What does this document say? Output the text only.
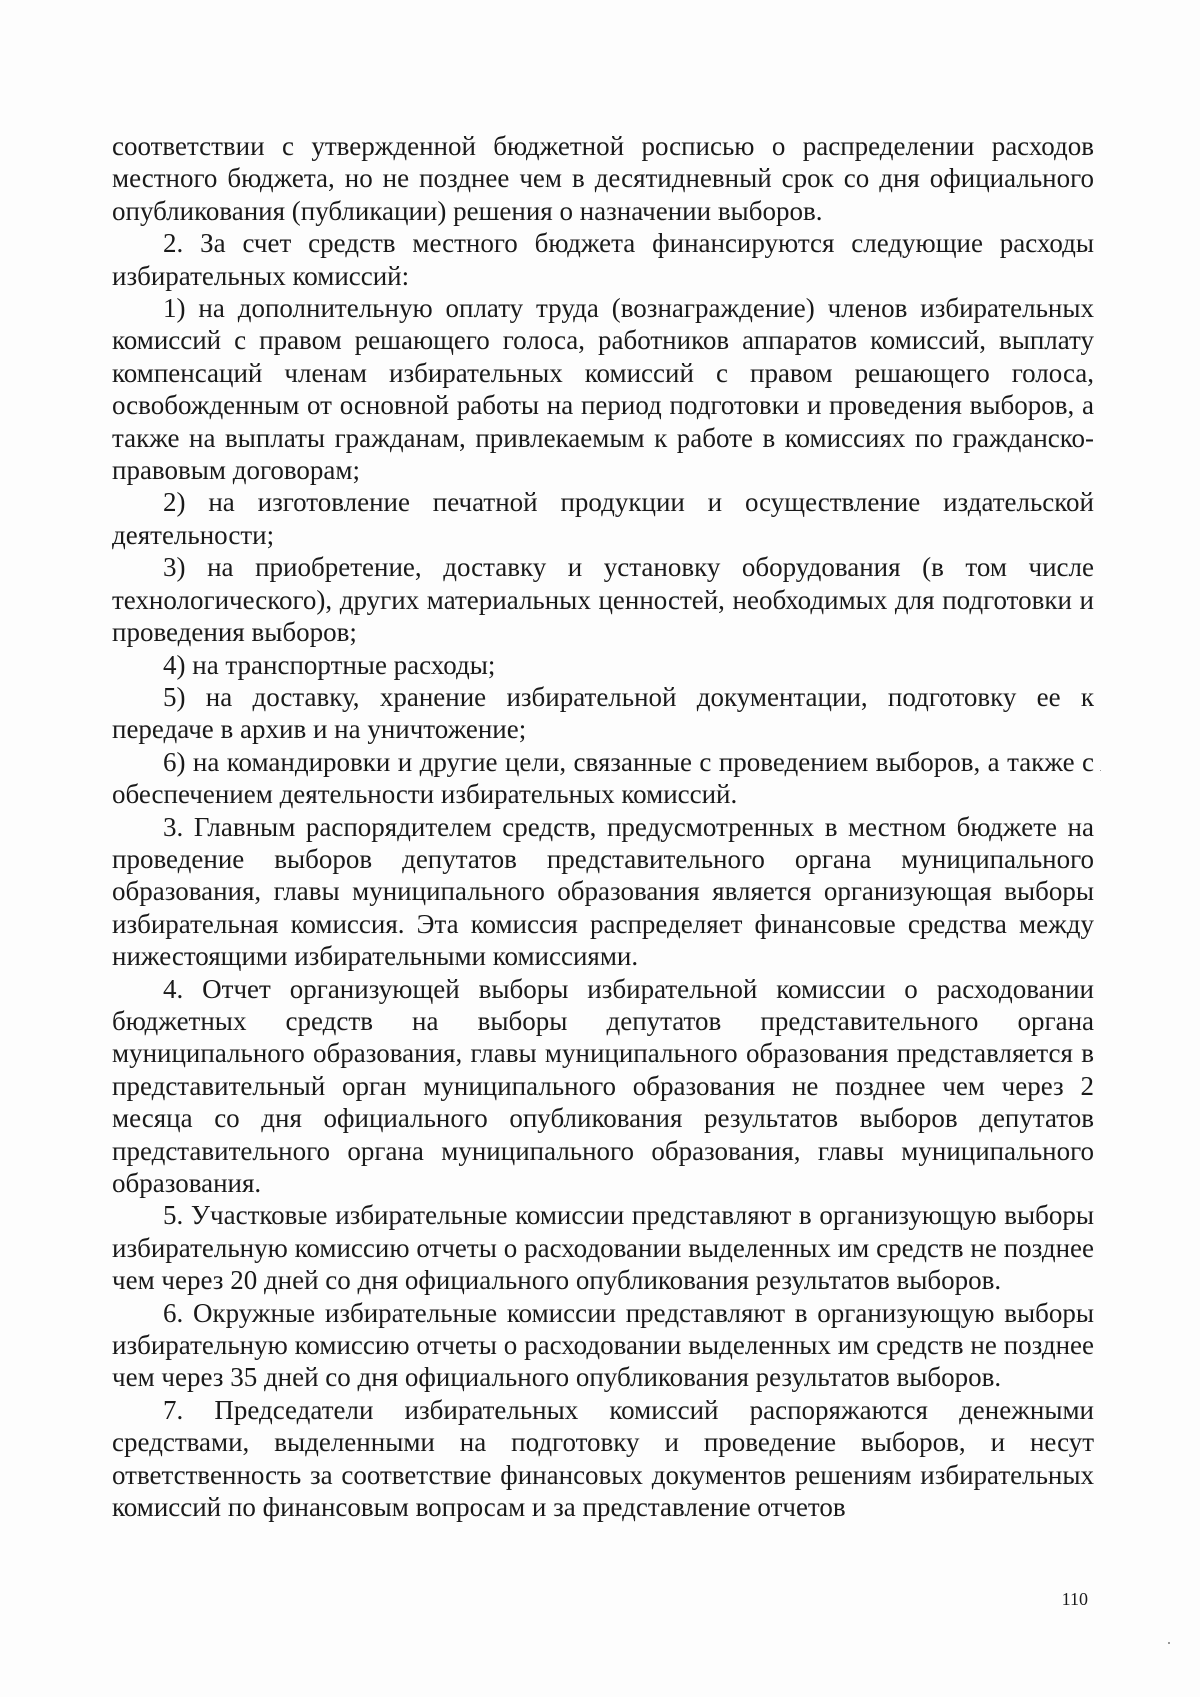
соответствии с утвержденной бюджетной росписью о распределении расходов местного бюджета, но не позднее чем в десятидневный срок со дня официального опубликования (публикации) решения о назначении выборов.

2. За счет средств местного бюджета финансируются следующие расходы избирательных комиссий:

1) на дополнительную оплату труда (вознаграждение) членов избирательных комиссий с правом решающего голоса, работников аппаратов комиссий, выплату компенсаций членам избирательных комиссий с правом решающего голоса, освобожденным от основной работы на период подготовки и проведения выборов, а также на выплаты гражданам, привлекаемым к работе в комиссиях по гражданско-правовым договорам;

2) на изготовление печатной продукции и осуществление издательской деятельности;

3) на приобретение, доставку и установку оборудования (в том числе технологического), других материальных ценностей, необходимых для подготовки и проведения выборов;

4) на транспортные расходы;

5) на доставку, хранение избирательной документации, подготовку ее к передаче в архив и на уничтожение;

6) на командировки и другие цели, связанные с проведением выборов, а также с обеспечением деятельности избирательных комиссий.

3. Главным распорядителем средств, предусмотренных в местном бюджете на проведение выборов депутатов представительного органа муниципального образования, главы муниципального образования является организующая выборы избирательная комиссия. Эта комиссия распределяет финансовые средства между нижестоящими избирательными комиссиями.

4. Отчет организующей выборы избирательной комиссии о расходовании бюджетных средств на выборы депутатов представительного органа муниципального образования, главы муниципального образования представляется в представительный орган муниципального образования не позднее чем через 2 месяца со дня официального опубликования результатов выборов депутатов представительного органа муниципального образования, главы муниципального образования.

5. Участковые избирательные комиссии представляют в организующую выборы избирательную комиссию отчеты о расходовании выделенных им средств не позднее чем через 20 дней со дня официального опубликования результатов выборов.

6. Окружные избирательные комиссии представляют в организующую выборы избирательную комиссию отчеты о расходовании выделенных им средств не позднее чем через 35 дней со дня официального опубликования результатов выборов.

7. Председатели избирательных комиссий распоряжаются денежными средствами, выделенными на подготовку и проведение выборов, и несут ответственность за соответствие финансовых документов решениям избирательных комиссий по финансовым вопросам и за представление отчетов

110
